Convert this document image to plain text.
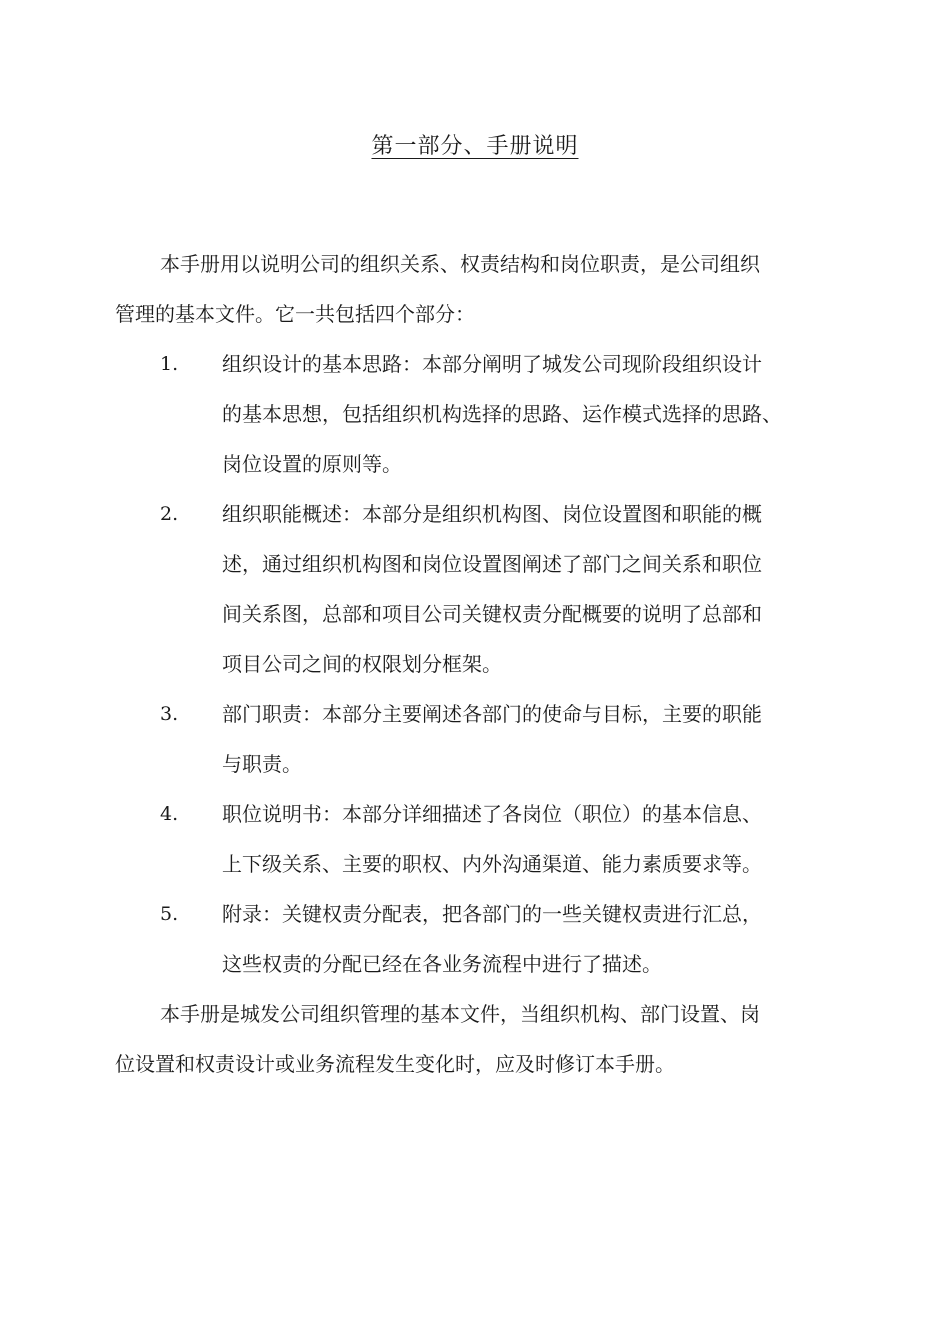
第一部分、手册说明
本手册用以说明公司的组织关系、权责结构和岗位职责，是公司组织
管理的基本文件。它一共包括四个部分：
1. 组织设计的基本思路：本部分阐明了城发公司现阶段组织设计
的基本思想，包括组织机构选择的思路、运作模式选择的思路、
岗位设置的原则等。
2. 组织职能概述：本部分是组织机构图、岗位设置图和职能的概
述，通过组织机构图和岗位设置图阐述了部门之间关系和职位
间关系图，总部和项目公司关键权责分配概要的说明了总部和
项目公司之间的权限划分框架。
3. 部门职责：本部分主要阐述各部门的使命与目标，主要的职能
与职责。
4. 职位说明书：本部分详细描述了各岗位（职位）的基本信息、
上下级关系、主要的职权、内外沟通渠道、能力素质要求等。
5. 附录：关键权责分配表，把各部门的一些关键权责进行汇总，
这些权责的分配已经在各业务流程中进行了描述。
本手册是城发公司组织管理的基本文件，当组织机构、部门设置、岗
位设置和权责设计或业务流程发生变化时，应及时修订本手册。
